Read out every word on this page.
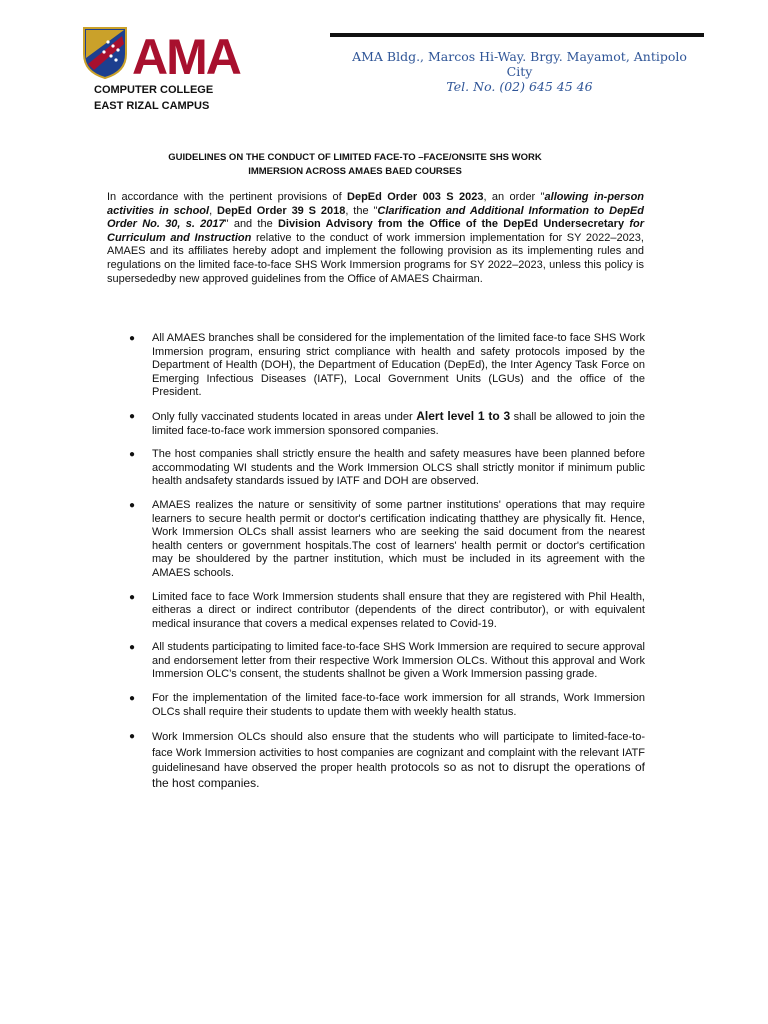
AMA
COMPUTER COLLEGE
EAST RIZAL CAMPUS
AMA Bldg., Marcos Hi-Way. Brgy. Mayamot, Antipolo City
Tel. No. (02) 645 45 46
GUIDELINES ON THE CONDUCT OF LIMITED FACE-TO –FACE/ONSITE SHS WORK
IMMERSION ACROSS AMAES BAED COURSES

In accordance with the pertinent provisions of DepEd Order 003 S 2023, an order "allowing in-person activities in school, DepEd Order 39 S 2018, the "Clarification and Additional Information to DepEd Order No. 30, s. 2017" and the Division Advisory from the Office of the DepEd Undersecretary for Curriculum and Instruction relative to the conduct of work immersion implementation for SY 2022–2023, AMAES and its affiliates hereby adopt and implement the following provision as its implementing rules and regulations on the limited face-to-face SHS Work Immersion programs for SY 2022–2023, unless this policy is supersededby new approved guidelines from the Office of AMAES Chairman.

● All AMAES branches shall be considered for the implementation of the limited face-to face SHS Work Immersion program, ensuring strict compliance with health and safety protocols imposed by the Department of Health (DOH), the Department of Education (DepEd), the Inter Agency Task Force on Emerging Infectious Diseases (IATF), Local Government Units (LGUs) and the office of the President.
● Only fully vaccinated students located in areas under Alert level 1 to 3 shall be allowed to join the limited face-to-face work immersion sponsored companies.
● The host companies shall strictly ensure the health and safety measures have been planned before accommodating WI students and the Work Immersion OLCS shall strictly monitor if minimum public health andsafety standards issued by IATF and DOH are observed.
● AMAES realizes the nature or sensitivity of some partner institutions' operations that may require learners to secure health permit or doctor's certification indicating thatthey are physically fit. Hence, Work Immersion OLCs shall assist learners who are seeking the said document from the nearest health centers or government hospitals.The cost of learners' health permit or doctor's certification may be shouldered by the partner institution, which must be included in its agreement with the AMAES schools.
● Limited face to face Work Immersion students shall ensure that they are registered with Phil Health, eitheras a direct or indirect contributor (dependents of the direct contributor), or with equivalent medical insurance that covers a medical expenses related to Covid-19.
● All students participating to limited face-to-face SHS Work Immersion are required to secure approval and endorsement letter from their respective Work Immersion OLCs. Without this approval and Work Immersion OLC’s consent, the students shallnot be given a Work Immersion passing grade.
● For the implementation of the limited face-to-face work immersion for all strands, Work Immersion OLCs shall require their students to update them with weekly health status.
● Work Immersion OLCs should also ensure that the students who will participate to limited-face-to-face Work Immersion activities to host companies are cognizant and complaint with the relevant IATF guidelinesand have observed the proper health protocols so as not to disrupt the operations of the host companies.
